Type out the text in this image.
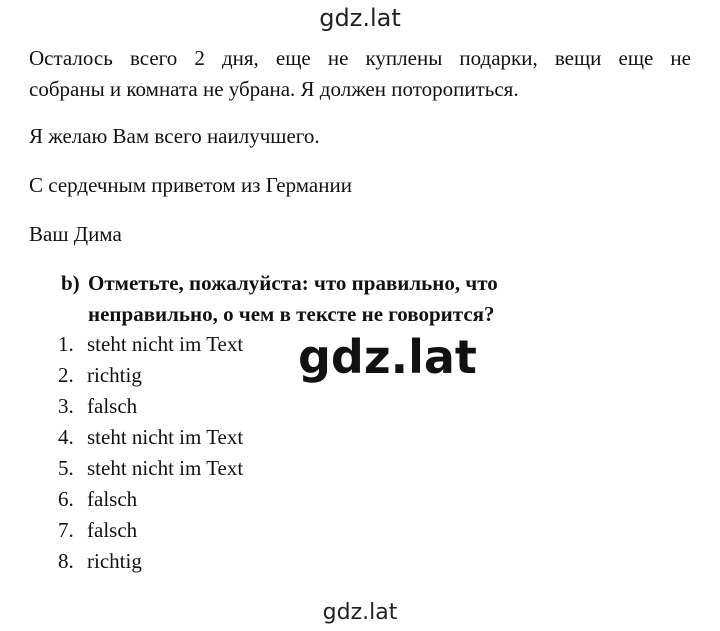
gdz.lat
Осталось всего 2 дня, еще не куплены подарки, вещи еще не
собраны и комната не убрана. Я должен поторопиться.
Я желаю Вам всего наилучшего.
С сердечным приветом из Германии
Ваш Дима
b) Отметьте, пожалуйста: что правильно, что
неправильно, о чем в тексте не говорится?
1. steht nicht im Text
2. richtig
3. falsch
4. steht nicht im Text
5. steht nicht im Text
6. falsch
7. falsch
8. richtig
gdz.lat
gdz.lat
